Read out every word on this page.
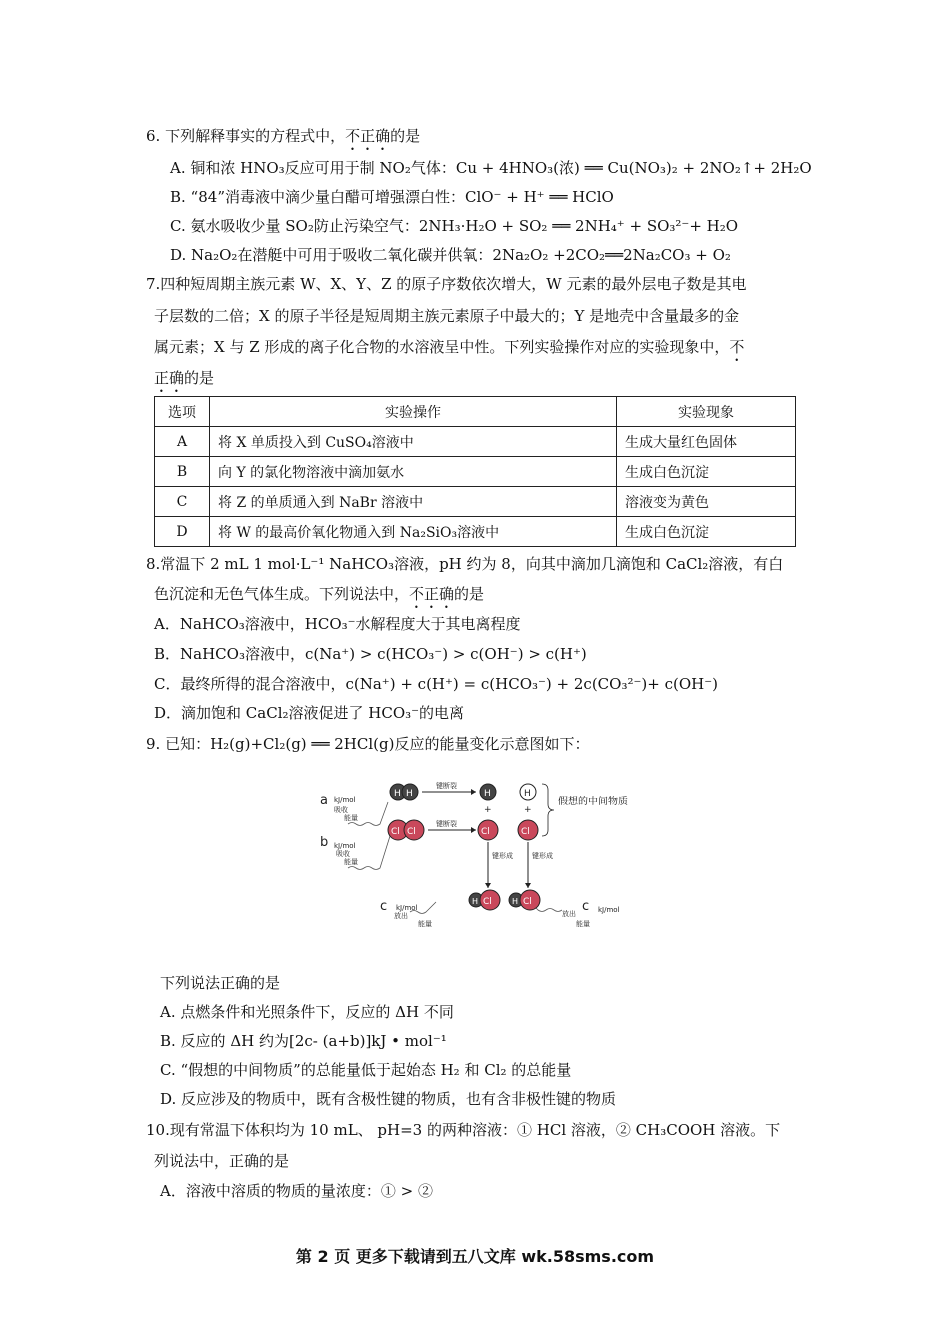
6. 下列解释事实的方程式中，不正确的是
A. 铜和浓 HNO₃反应可用于制 NO₂气体：Cu + 4HNO₃(浓) ══ Cu(NO₃)₂ + 2NO₂↑+ 2H₂O
B. “84”消毒液中滴少量白醋可增强漂白性：ClO⁻ + H⁺ ══ HClO
C. 氨水吸收少量 SO₂防止污染空气：2NH₃·H₂O + SO₂ ══ 2NH₄⁺ + SO₃²⁻+ H₂O
D. Na₂O₂在潜艇中可用于吸收二氧化碳并供氧：2Na₂O₂ +2CO₂══2Na₂CO₃ + O₂
7.四种短周期主族元素 W、X、Y、Z 的原子序数依次增大，W 元素的最外层电子数是其电
子层数的二倍；X 的原子半径是短周期主族元素原子中最大的；Y 是地壳中含量最多的金
属元素；X 与 Z 形成的离子化合物的水溶液呈中性。下列实验操作对应的实验现象中，不
正确的是
选项	实验操作	实验现象
A	将 X 单质投入到 CuSO₄溶液中	生成大量红色固体
B	向 Y 的氯化物溶液中滴加氨水	生成白色沉淀
C	将 Z 的单质通入到 NaBr 溶液中	溶液变为黄色
D	将 W 的最高价氧化物通入到 Na₂SiO₃溶液中	生成白色沉淀
8.常温下 2 mL 1 mol·L⁻¹ NaHCO₃溶液，pH 约为 8，向其中滴加几滴饱和 CaCl₂溶液，有白
色沉淀和无色气体生成。下列说法中，不正确的是
A．NaHCO₃溶液中，HCO₃⁻水解程度大于其电离程度
B．NaHCO₃溶液中，c(Na⁺) > c(HCO₃⁻) > c(OH⁻) > c(H⁺)
C．最终所得的混合溶液中，c(Na⁺) + c(H⁺) = c(HCO₃⁻) + 2c(CO₃²⁻)+ c(OH⁻)
D．滴加饱和 CaCl₂溶液促进了 HCO₃⁻的电离
9. 已知：H₂(g)+Cl₂(g) ══ 2HCl(g)反应的能量变化示意图如下：
a
b
c	c
kJ/mol
kJ/mol
kJ/mol	kJ/mol
吸收
能量
吸收
能量
放出
能量
放出
能量
H H
Cl Cl
键断裂
键断裂
H
+
Cl
H
+
Cl
假想的中间物质
键形成	键形成
H Cl	H Cl
下列说法正确的是
A. 点燃条件和光照条件下，反应的 ΔH 不同
B. 反应的 ΔH 约为[2c- (a+b)]kJ • mol⁻¹
C. “假想的中间物质”的总能量低于起始态 H₂ 和 Cl₂ 的总能量
D. 反应涉及的物质中，既有含极性键的物质，也有含非极性键的物质
10.现有常温下体积均为 10 mL、 pH=3 的两种溶液：① HCl 溶液，② CH₃COOH 溶液。下
列说法中，正确的是
A．溶液中溶质的物质的量浓度：① > ②
第 2 页 更多下载请到五八文库 wk.58sms.com
